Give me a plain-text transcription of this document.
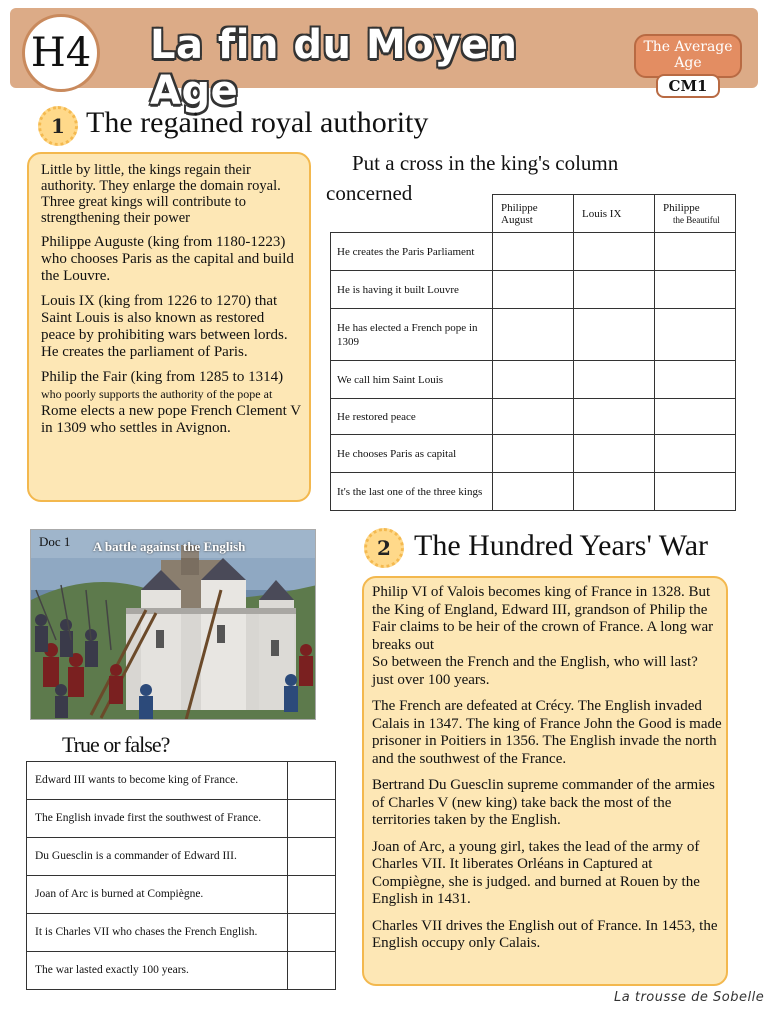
La fin du Moyen Age
The Average
Age
CM1
H4
1 The regained royal authority

Little by little, the kings regain their authority. They enlarge the domain royal. Three great kings will contribute to strengthening their power

Philippe Auguste (king from 1180-1223)
who chooses Paris as the capital and build the Louvre.

Louis IX (king from 1226 to 1270) that Saint Louis is also known as restored peace by prohibiting wars between lords. He creates the parliament of Paris.

Philip the Fair (king from 1285 to 1314)
who poorly supports the authority of the pope at
Rome elects a new pope French Clement V in 1309 who settles in Avignon.

Put a cross in the king's column
concerned
	Philippe August	Louis IX	Philippe
the Beautiful
He creates the Paris Parliament			
He is having it built Louvre			
He has elected a French pope in 1309			
We call him Saint Louis			
He restored peace			
He chooses Paris as capital			
It's the last one of the three kings			
Doc 1 A battle against the English
True or false?
Edward III wants to become king of France.	
The English invade first the southwest of France.	
Du Guesclin is a commander of Edward III.	
Joan of Arc is burned at Compiègne.	
It is Charles VII who chases the French English.	
The war lasted exactly 100 years.	
2 The Hundred Years' War

Philip VI of Valois becomes king of France in 1328. But the King of England, Edward III, grandson of Philip the Fair claims to be heir of the crown of France. A long war breaks out
So between the French and the English, who will last?
just over 100 years.

The French are defeated at Crécy. The English invaded Calais in 1347. The king of France John the Good is made prisoner in Poitiers in 1356. The English invade the north and the southwest of the France.

Bertrand Du Guesclin supreme commander of the armies of Charles V (new king) take back the most of the territories taken by the English.

Joan of Arc, a young girl, takes the lead of the army of Charles VII. It liberates Orléans in Captured at Compiègne, she is judged. and burned at Rouen by the English in 1431.

Charles VII drives the English out of France. In 1453, the English occupy only Calais.

La trousse de Sobelle
